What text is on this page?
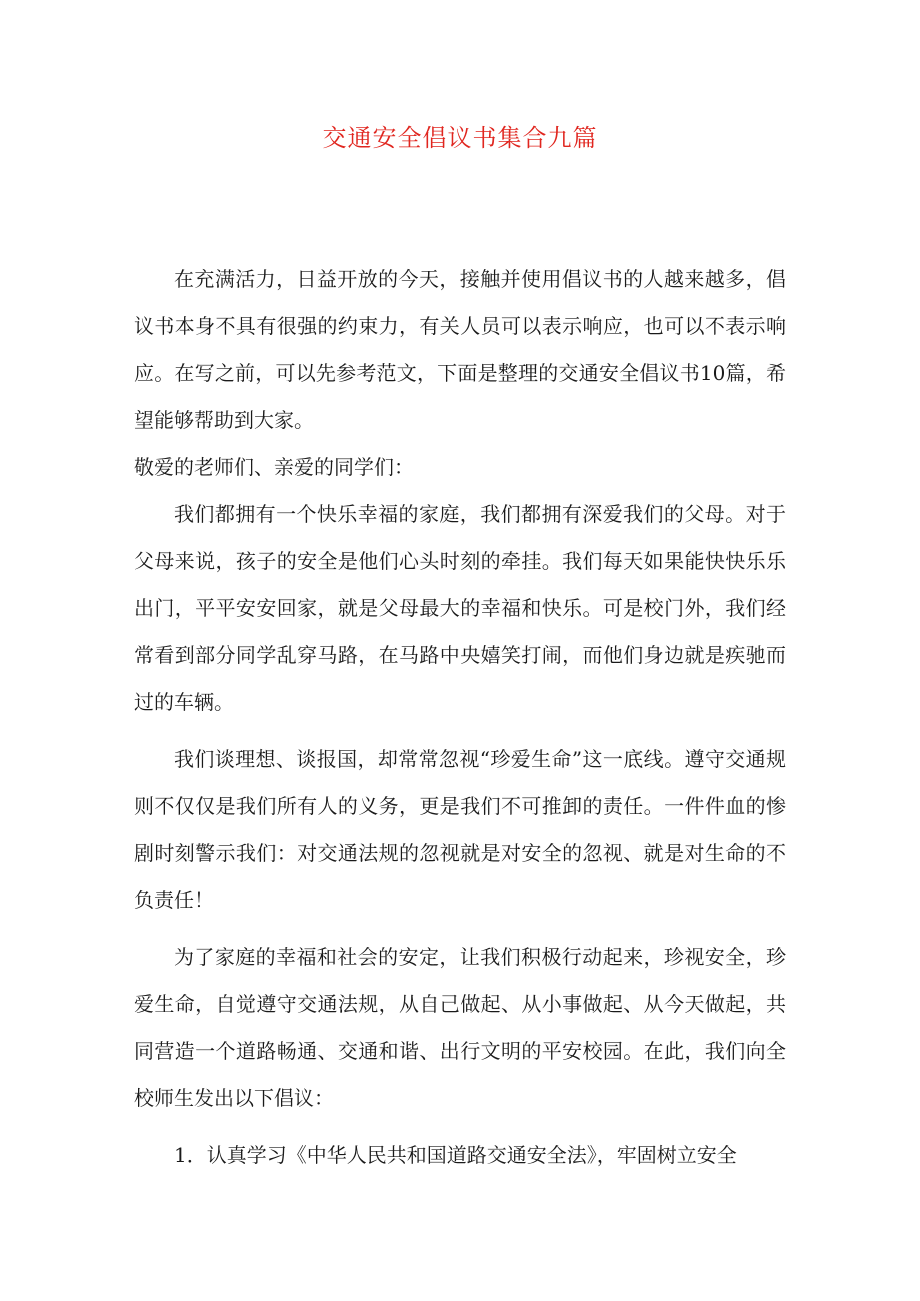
交通安全倡议书集合九篇

在充满活力，日益开放的今天，接触并使用倡议书的人越来越多，倡议书本身不具有很强的约束力，有关人员可以表示响应，也可以不表示响应。在写之前，可以先参考范文，下面是整理的交通安全倡议书10篇，希望能够帮助到大家。

敬爱的老师们、亲爱的同学们：

我们都拥有一个快乐幸福的家庭，我们都拥有深爱我们的父母。对于父母来说，孩子的安全是他们心头时刻的牵挂。我们每天如果能快快乐乐出门，平平安安回家，就是父母最大的幸福和快乐。可是校门外，我们经常看到部分同学乱穿马路，在马路中央嬉笑打闹，而他们身边就是疾驰而过的车辆。

我们谈理想、谈报国，却常常忽视“珍爱生命”这一底线。遵守交通规则不仅仅是我们所有人的义务，更是我们不可推卸的责任。一件件血的惨剧时刻警示我们：对交通法规的忽视就是对安全的忽视、就是对生命的不负责任！

为了家庭的幸福和社会的安定，让我们积极行动起来，珍视安全，珍爱生命，自觉遵守交通法规，从自己做起、从小事做起、从今天做起，共同营造一个道路畅通、交通和谐、出行文明的平安校园。在此，我们向全校师生发出以下倡议：

1．认真学习《中华人民共和国道路交通安全法》，牢固树立安全
